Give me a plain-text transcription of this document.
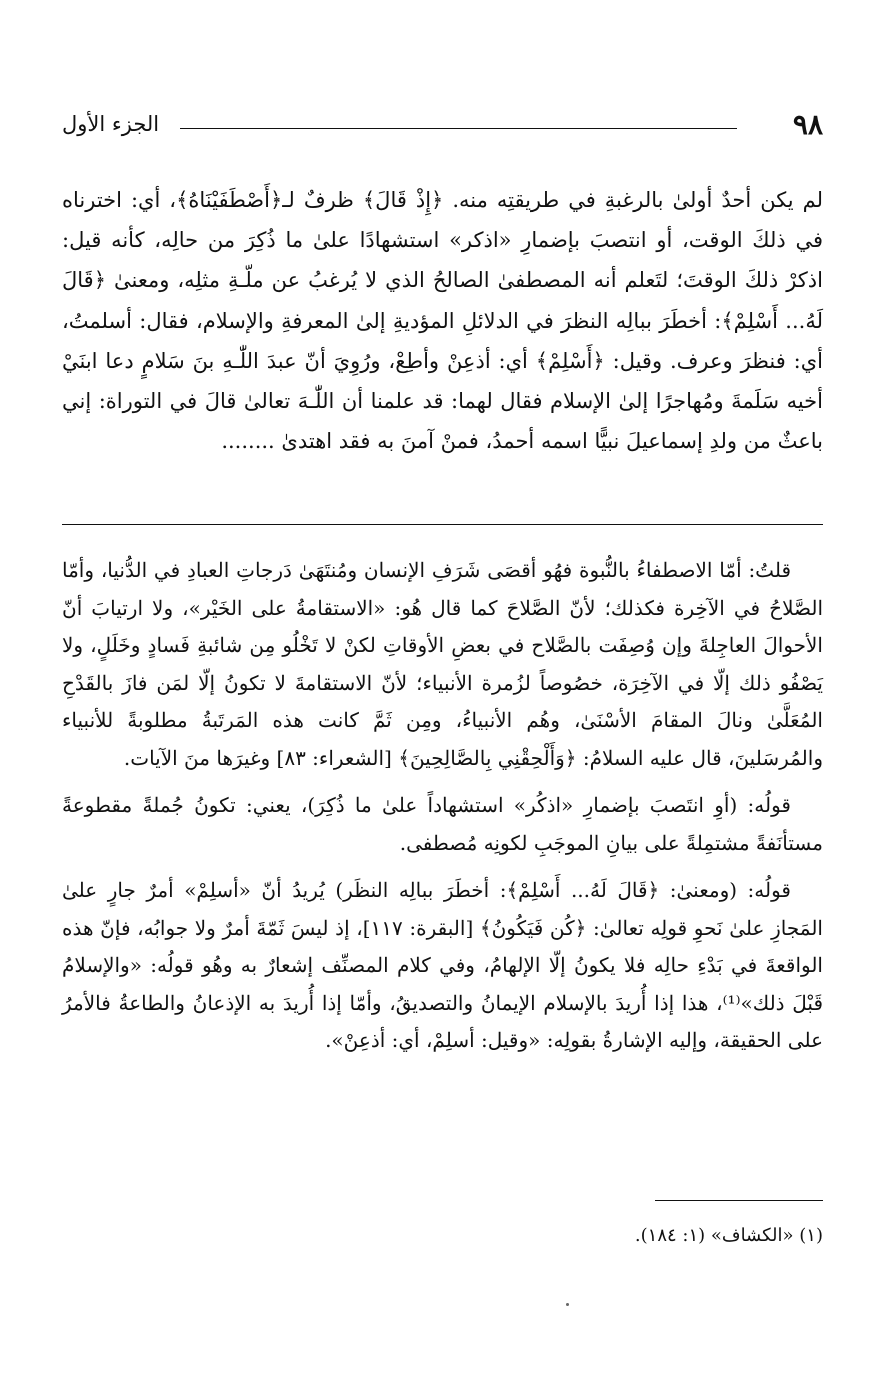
٩٨
الجزء الأول

لم يكن أحدٌ أولىٰ بالرغبةِ في طريقتِه منه. ﴿إِذْ قَالَ﴾ ظرفٌ لـ﴿أَصْطَفَيْنَاهُ﴾، أي: اخترناه في ذلكَ الوقت، أو انتصبَ بإضمارِ «اذكر» استشهادًا علىٰ ما ذُكِرَ من حالِه، كأنه قيل: اذكرْ ذلكَ الوقتَ؛ لتَعلم أنه المصطفىٰ الصالحُ الذي لا يُرغبُ عن ملّـةِ مثلِه، ومعنىٰ ﴿قَالَ لَهُ... أَسْلِمْ﴾: أخطَرَ ببالِه النظرَ في الدلائلِ المؤديةِ إلىٰ المعرفةِ والإسلام، فقال: أسلمتُ، أي: فنظرَ وعرف. وقيل: ﴿أَسْلِمْ﴾ أي: أذعِنْ وأطِعْ، ورُوِيَ أنّ عبدَ اللّٰـهِ بنَ سَلامٍ دعا ابنَيْ أخيه سَلَمةَ ومُهاجرًا إلىٰ الإسلام فقال لهما: قد علمنا أن اللّٰـهَ تعالىٰ قالَ في التوراة: إني باعثٌ من ولدِ إسماعيلَ نبيًّا اسمه أحمدُ، فمنْ آمنَ به فقد اهتدىٰ ........

قلتُ: أمّا الاصطفاءُ بالنُّبوة فهُو أقصَى شَرَفِ الإنسان ومُنتَهَىٰ دَرجاتِ العبادِ في الدُّنيا، وأمّا الصَّلاحُ في الآخِرة فكذلك؛ لأنّ الصَّلاحَ كما قال هُو: «الاستقامةُ على الخَيْر»، ولا ارتيابَ أنّ الأحوالَ العاجِلةَ وإن وُصِفَت بالصَّلاح في بعضِ الأوقاتِ لكنْ لا تَخْلُو مِن شائبةِ فَسادٍ وخَلَلٍ، ولا يَصْفُو ذلك إلّا في الآخِرَة، خصُوصاً لزُمرة الأنبياء؛ لأنّ الاستقامةَ لا تكونُ إلّا لمَن فازَ بالقَدْحِ المُعَلَّىٰ ونالَ المقامَ الأسْنَىٰ، وهُم الأنبياءُ، ومِن ثَمَّ كانت هذه المَرتَبةُ مطلوبةً للأنبياء والمُرسَلينَ، قال عليه السلامُ: ﴿وَأَلْحِقْنِي بِالصَّالِحِينَ﴾ [الشعراء: ٨٣] وغيرَها منَ الآيات.

قولُه: (أوِ انتَصبَ بإضمارِ «اذكُر» استشهاداً علىٰ ما ذُكِرَ)، يعني: تكونُ جُملةً مقطوعةً مستأنَفةً مشتمِلةً على بيانِ الموجَبِ لكونِه مُصطفى.

قولُه: (ومعنىٰ: ﴿قَالَ لَهُ... أَسْلِمْ﴾: أخطَرَ ببالِه النظَر) يُريدُ أنّ «أسلِمْ» أمرٌ جارٍ علىٰ المَجازِ علىٰ نَحوِ قولِه تعالىٰ: ﴿كُن فَيَكُونُ﴾ [البقرة: ١١٧]، إذ ليسَ ثَمّةَ أمرٌ ولا جوابُه، فإنّ هذه الواقعةَ في بَدْءِ حالِه فلا يكونُ إلّا الإلهامُ، وفي كلام المصنِّف إشعارٌ به وهُو قولُه: «والإسلامُ قَبْلَ ذلك»⁽¹⁾، هذا إذا أُريدَ بالإسلام الإيمانُ والتصديقُ، وأمّا إذا أُريدَ به الإذعانُ والطاعةُ فالأمرُ على الحقيقة، وإليه الإشارةُ بقولِه: «وقيل: أسلِمْ، أي: أذعِنْ».

(١) «الكشاف» (١: ١٨٤).
